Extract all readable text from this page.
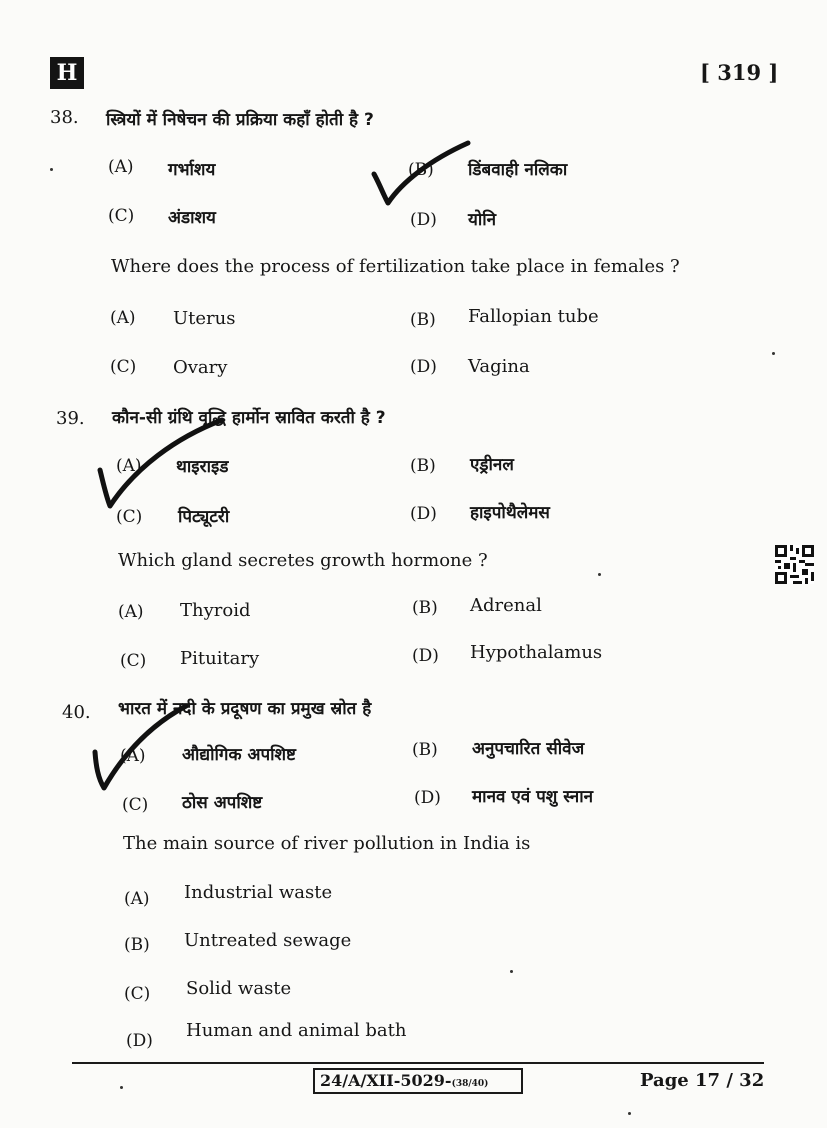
H	[ 319 ]
38. स्त्रियों में निषेचन की प्रक्रिया कहाँ होती है ?
(A) गर्भाशय	(B) डिंबवाही नलिका
(C) अंडाशय	(D) योनि
Where does the process of fertilization take place in females ?
(A) Uterus	(B) Fallopian tube
(C) Ovary	(D) Vagina
39. कौन-सी ग्रंथि वृद्धि हार्मोन स्रावित करती है ?
(A) थाइराइड	(B) एड्रीनल
(C) पिट्यूटरी	(D) हाइपोथैलेमस
Which gland secretes growth hormone ?
(A) Thyroid	(B) Adrenal
(C) Pituitary	(D) Hypothalamus
40. भारत में नदी के प्रदूषण का प्रमुख स्रोत है
(A) औद्योगिक अपशिष्ट	(B) अनुपचारित सीवेज
(C) ठोस अपशिष्ट	(D) मानव एवं पशु स्नान
The main source of river pollution in India is
(A) Industrial waste
(B) Untreated sewage
(C) Solid waste
(D) Human and animal bath
24/A/XII-5029-(38/40)	Page 17 / 32
